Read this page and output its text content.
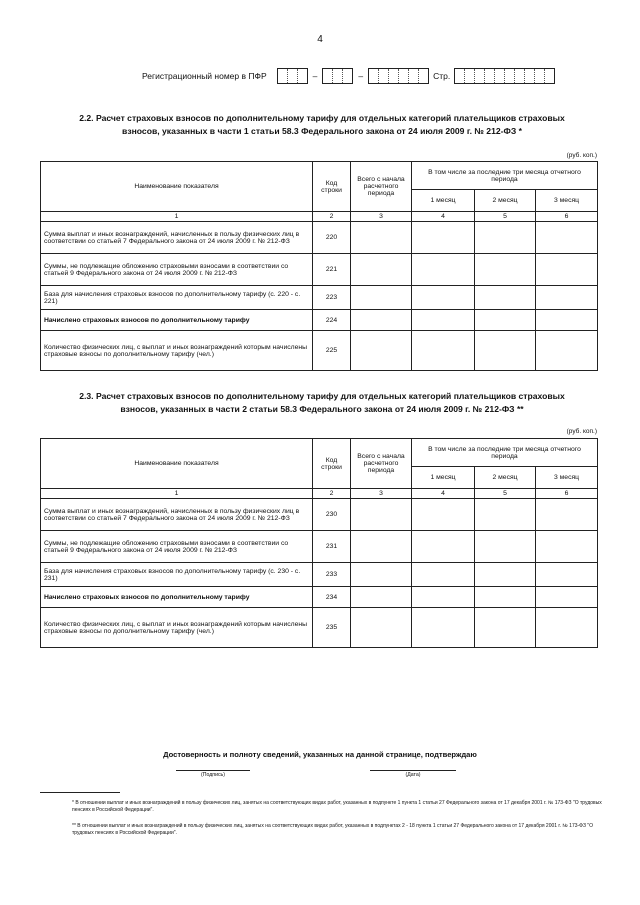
4
Регистрационный номер в ПФР	–	–	Стр.
2.2. Расчет страховых взносов по дополнительному тарифу для отдельных категорий плательщиков страховых взносов, указанных в части 1 статьи 58.3 Федерального закона от 24 июля 2009 г. № 212-ФЗ *
(руб. коп.)
Наименование показателя	Код строки	Всего с начала расчетного периода	В том числе за последние три месяца отчетного периода		
			1 месяц	2 месяц	3 месяц
1	2	3	4	5	6
Сумма выплат и иных вознаграждений, начисленных в пользу физических лиц в соответствии со статьей 7 Федерального закона от 24 июля 2009 г. № 212-ФЗ	220				
Суммы, не подлежащие обложению страховыми взносами в соответствии со статьей 9 Федерального закона от 24 июля 2009 г. № 212-ФЗ	221				
База для начисления страховых взносов по дополнительному тарифу (с. 220 - с. 221)	223				
Начислено страховых взносов по дополнительному тарифу	224				
Количество физических лиц, с выплат и иных вознаграждений которым начислены страховые взносы по дополнительному тарифу (чел.)	225				
2.3. Расчет страховых взносов по дополнительному тарифу для отдельных категорий плательщиков страховых взносов, указанных в части 2 статьи 58.3 Федерального закона от 24 июля 2009 г. № 212-ФЗ **
(руб. коп.)
Наименование показателя	Код строки	Всего с начала расчетного периода	В том числе за последние три месяца отчетного периода		
			1 месяц	2 месяц	3 месяц
1	2	3	4	5	6
Сумма выплат и иных вознаграждений, начисленных в пользу физических лиц в соответствии со статьей 7 Федерального закона от 24 июля 2009 г. № 212-ФЗ	230				
Суммы, не подлежащие обложению страховыми взносами в соответствии со статьей 9 Федерального закона от 24 июля 2009 г. № 212-ФЗ	231				
База для начисления страховых взносов по дополнительному тарифу (с. 230 - с. 231)	233				
Начислено страховых взносов по дополнительному тарифу	234				
Количество физических лиц, с выплат и иных вознаграждений которым начислены страховые взносы по дополнительному тарифу (чел.)	235				
Достоверность и полноту сведений, указанных на данной странице, подтверждаю
(Подпись)	(Дата)
* В отношении выплат и иных вознаграждений в пользу физических лиц, занятых на соответствующих видах работ, указанных в подпункте 1 пункта 1 статьи 27 Федерального закона от 17 декабря 2001 г. № 173-ФЗ "О трудовых пенсиях в Российской Федерации".
** В отношении выплат и иных вознаграждений в пользу физических лиц, занятых на соответствующих видах работ, указанных в подпунктах 2 - 18 пункта 1 статьи 27 Федерального закона от 17 декабря 2001 г. № 173-ФЗ "О трудовых пенсиях в Российской Федерации".
